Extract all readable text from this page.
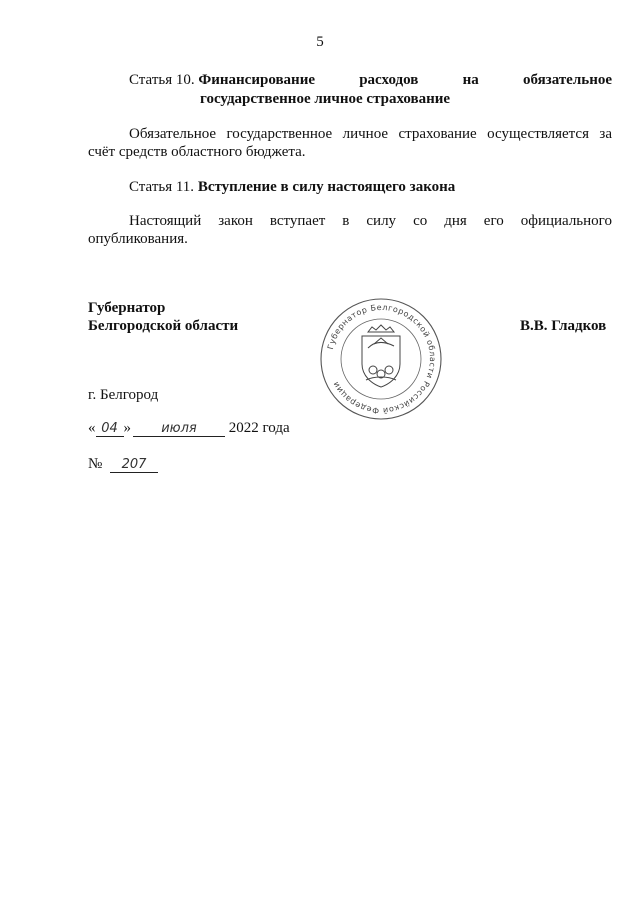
5
Статья 10. Финансирование	расходов	на	обязательное
государственное личное страхование
Обязательное государственное личное страхование осуществляется за
счёт средств областного бюджета.
Статья 11. Вступление в силу настоящего закона
Настоящий закон вступает в силу со дня его официального
опубликования.
Губернатор
Белгородской области	В.В. Гладков
Губернатор Белгородской области Российской Федерации
г. Белгород
« 04 » июля 2022 года
№ 207
